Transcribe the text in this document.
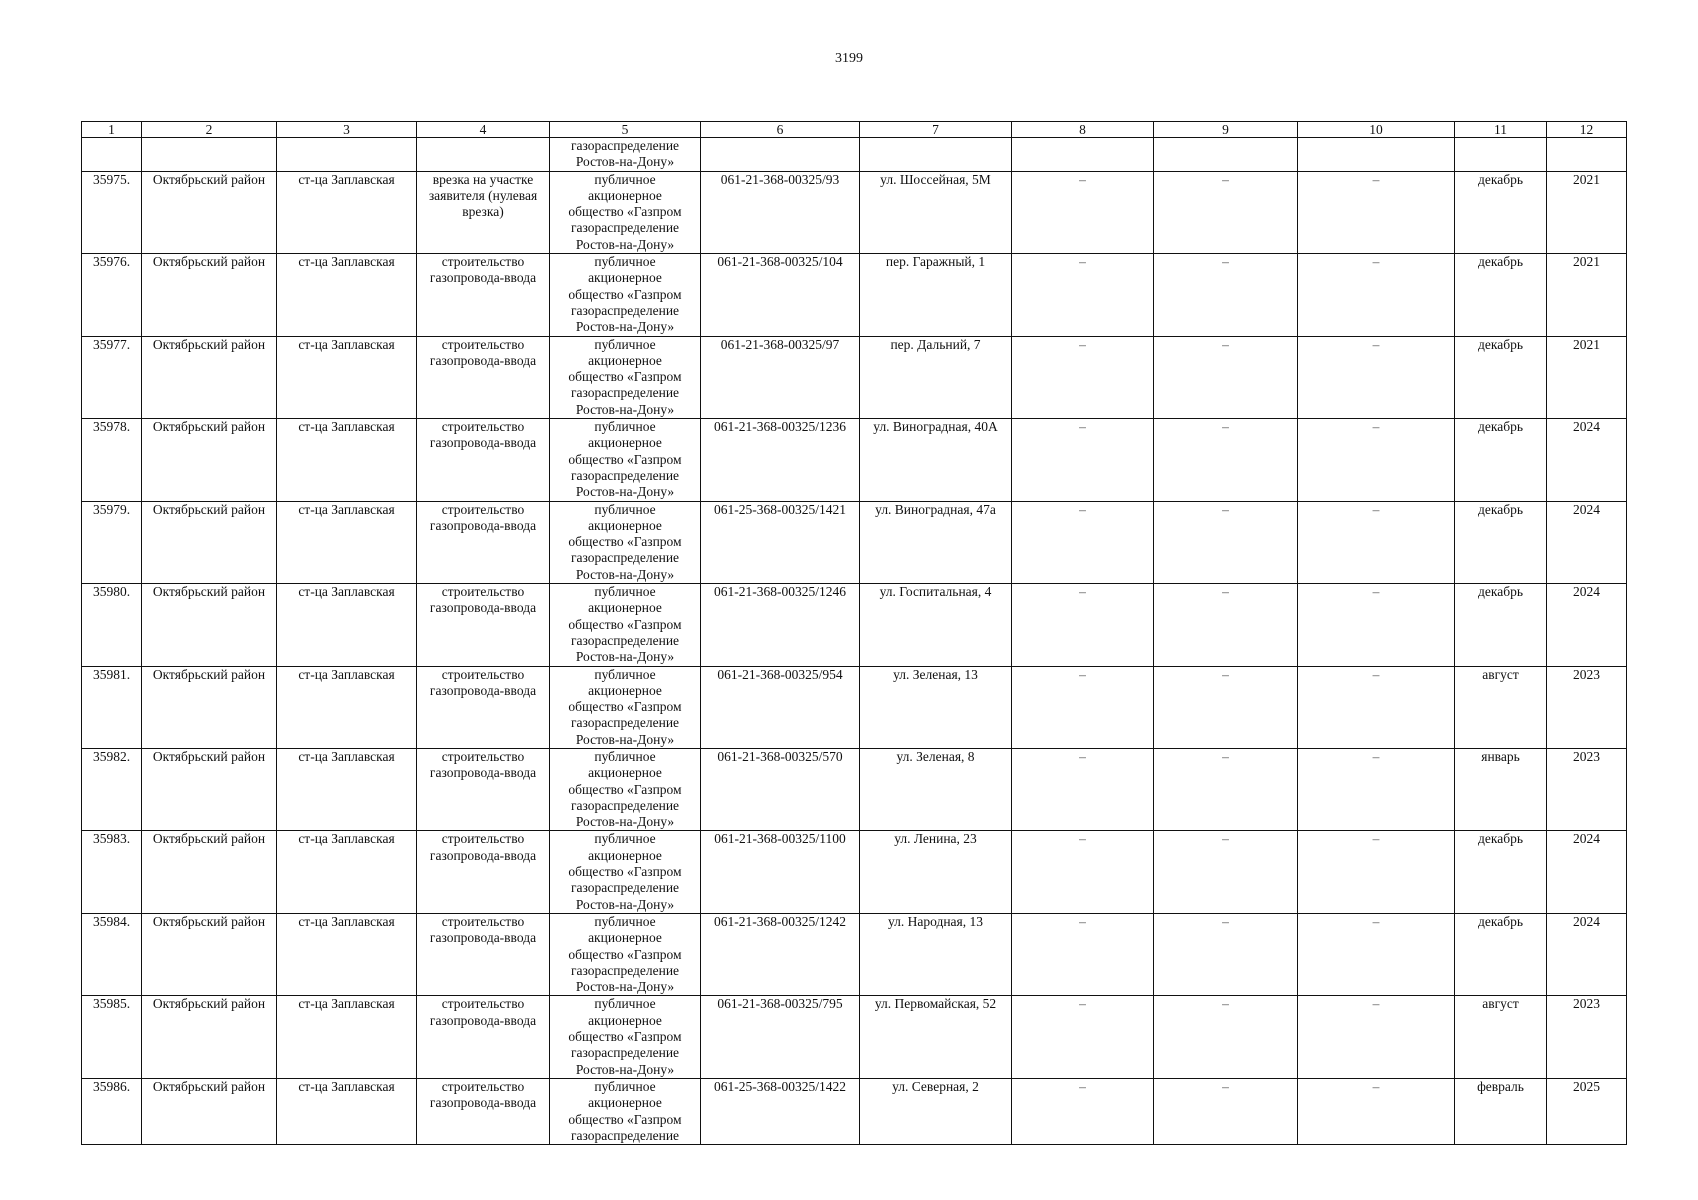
3199
1	2	3	4	5	6	7	8	9	10	11	12
				газораспределение
Ростов-на-Дону»							
35975.	Октябрьский район	ст-ца Заплавская	врезка на участке заявителя (нулевая врезка)	публичное
акционерное
общество «Газпром
газораспределение
Ростов-на-Дону»	061-21-368-00325/93	ул. Шоссейная, 5М	–	–	–	декабрь	2021
35976.	Октябрьский район	ст-ца Заплавская	строительство газопровода-ввода	публичное
акционерное
общество «Газпром
газораспределение
Ростов-на-Дону»	061-21-368-00325/104	пер. Гаражный, 1	–	–	–	декабрь	2021
35977.	Октябрьский район	ст-ца Заплавская	строительство газопровода-ввода	публичное
акционерное
общество «Газпром
газораспределение
Ростов-на-Дону»	061-21-368-00325/97	пер. Дальний, 7	–	–	–	декабрь	2021
35978.	Октябрьский район	ст-ца Заплавская	строительство газопровода-ввода	публичное
акционерное
общество «Газпром
газораспределение
Ростов-на-Дону»	061-21-368-00325/1236	ул. Виноградная, 40А	–	–	–	декабрь	2024
35979.	Октябрьский район	ст-ца Заплавская	строительство газопровода-ввода	публичное
акционерное
общество «Газпром
газораспределение
Ростов-на-Дону»	061-25-368-00325/1421	ул. Виноградная, 47а	–	–	–	декабрь	2024
35980.	Октябрьский район	ст-ца Заплавская	строительство газопровода-ввода	публичное
акционерное
общество «Газпром
газораспределение
Ростов-на-Дону»	061-21-368-00325/1246	ул. Госпитальная, 4	–	–	–	декабрь	2024
35981.	Октябрьский район	ст-ца Заплавская	строительство газопровода-ввода	публичное
акционерное
общество «Газпром
газораспределение
Ростов-на-Дону»	061-21-368-00325/954	ул. Зеленая, 13	–	–	–	август	2023
35982.	Октябрьский район	ст-ца Заплавская	строительство газопровода-ввода	публичное
акционерное
общество «Газпром
газораспределение
Ростов-на-Дону»	061-21-368-00325/570	ул. Зеленая, 8	–	–	–	январь	2023
35983.	Октябрьский район	ст-ца Заплавская	строительство газопровода-ввода	публичное
акционерное
общество «Газпром
газораспределение
Ростов-на-Дону»	061-21-368-00325/1100	ул. Ленина, 23	–	–	–	декабрь	2024
35984.	Октябрьский район	ст-ца Заплавская	строительство газопровода-ввода	публичное
акционерное
общество «Газпром
газораспределение
Ростов-на-Дону»	061-21-368-00325/1242	ул. Народная, 13	–	–	–	декабрь	2024
35985.	Октябрьский район	ст-ца Заплавская	строительство газопровода-ввода	публичное
акционерное
общество «Газпром
газораспределение
Ростов-на-Дону»	061-21-368-00325/795	ул. Первомайская, 52	–	–	–	август	2023
35986.	Октябрьский район	ст-ца Заплавская	строительство газопровода-ввода	публичное
акционерное
общество «Газпром
газораспределение	061-25-368-00325/1422	ул. Северная, 2	–	–	–	февраль	2025
